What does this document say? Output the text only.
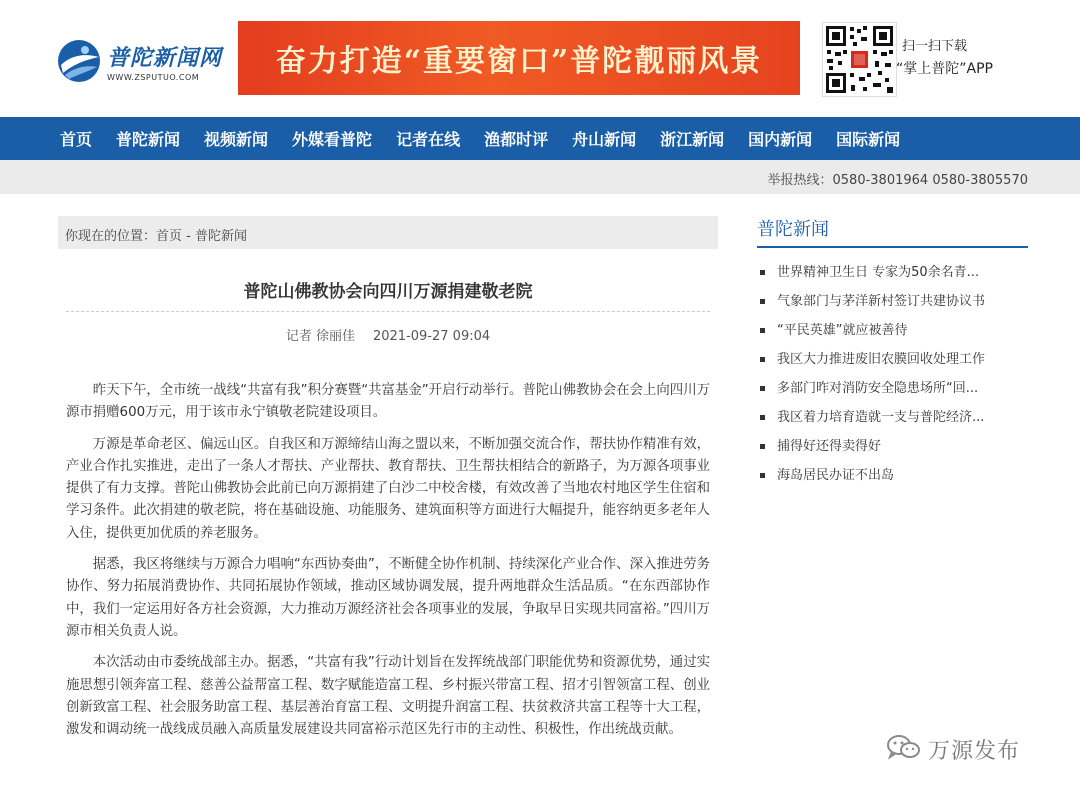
普陀新闻网
WWW.ZSPUTUO.COM	奋力打造“重要窗口”普陀靓丽风景	扫一扫下载
“掌上普陀”APP
首页	普陀新闻	视频新闻	外媒看普陀	记者在线	渔都时评	舟山新闻	浙江新闻	国内新闻	国际新闻
举报热线：0580-3801964 0580-3805570
你现在的位置：首页 - 普陀新闻
普陀山佛教协会向四川万源捐建敬老院
记者 徐丽佳 2021-09-27 09:04

昨天下午，全市统一战线“共富有我”积分赛暨“共富基金”开启行动举行。普陀山佛教协会在会上向四川万源市捐赠600万元，用于该市永宁镇敬老院建设项目。

万源是革命老区、偏远山区。自我区和万源缔结山海之盟以来，不断加强交流合作，帮扶协作精准有效，产业合作扎实推进，走出了一条人才帮扶、产业帮扶、教育帮扶、卫生帮扶相结合的新路子，为万源各项事业提供了有力支撑。普陀山佛教协会此前已向万源捐建了白沙二中校舍楼，有效改善了当地农村地区学生住宿和学习条件。此次捐建的敬老院，将在基础设施、功能服务、建筑面积等方面进行大幅提升，能容纳更多老年人入住，提供更加优质的养老服务。

据悉，我区将继续与万源合力唱响“东西协奏曲”，不断健全协作机制、持续深化产业合作、深入推进劳务协作、努力拓展消费协作、共同拓展协作领域，推动区域协调发展，提升两地群众生活品质。“在东西部协作中，我们一定运用好各方社会资源，大力推动万源经济社会各项事业的发展，争取早日实现共同富裕。”四川万源市相关负责人说。

本次活动由市委统战部主办。据悉，“共富有我”行动计划旨在发挥统战部门职能优势和资源优势，通过实施思想引领奔富工程、慈善公益帮富工程、数字赋能造富工程、乡村振兴带富工程、招才引智领富工程、创业创新致富工程、社会服务助富工程、基层善治育富工程、文明提升润富工程、扶贫救济共富工程等十大工程，激发和调动统一战线成员融入高质量发展建设共同富裕示范区先行市的主动性、积极性，作出统战贡献。

普陀新闻
世界精神卫生日 专家为50余名青...
气象部门与茅洋新村签订共建协议书
“平民英雄”就应被善待
我区大力推进废旧农膜回收处理工作
多部门昨对消防安全隐患场所“回...
我区着力培育造就一支与普陀经济...
捕得好还得卖得好
海岛居民办证不出岛
万源发布
